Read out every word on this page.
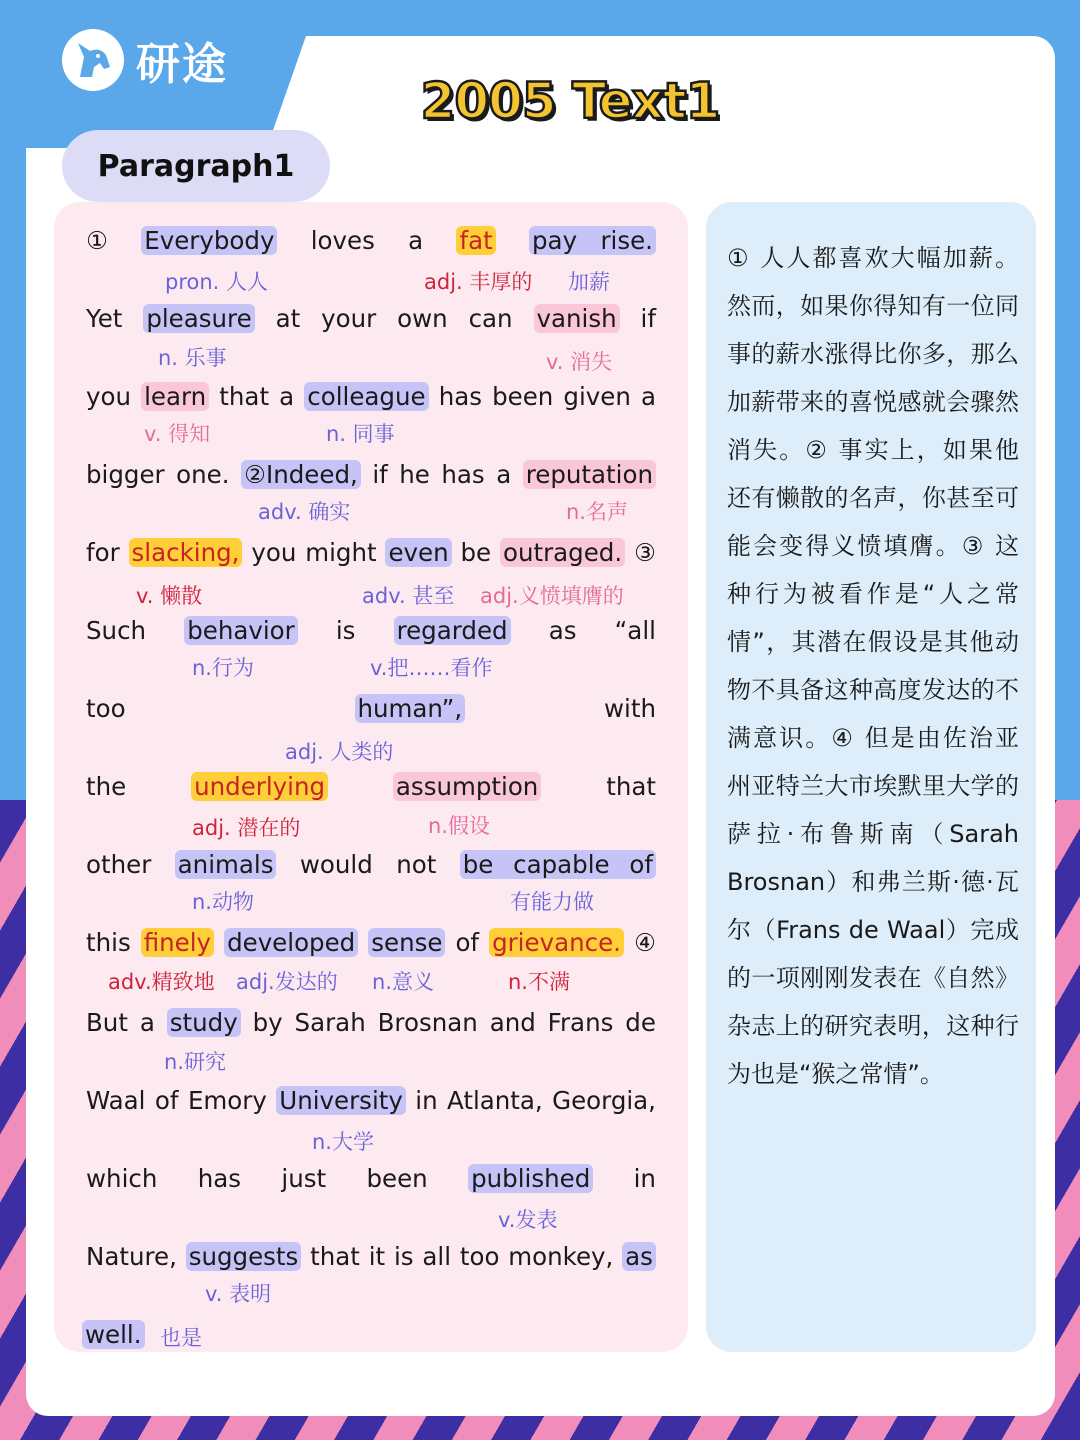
研途
2005 Text1
Paragraph1
① Everybody loves a fat pay rise.
pron. 人人	adj. 丰厚的 加薪
Yet pleasure at your own can vanish if
n. 乐事	v. 消失
you learn that a colleague has been given a
v. 得知	n. 同事
bigger one. ②Indeed, if he has a reputation
adv. 确实	n.名声
for slacking, you might even be outraged. ③
v. 懒散	adv. 甚至 adj.义愤填膺的
Such behavior is regarded as “all
n.行为	v.把……看作
too	human”,	with
adj. 人类的
the	underlying	assumption	that
adj. 潜在的	n.假设
other animals would not be capable of
n.动物	有能力做
this finely developed sense of grievance. ④
adv.精致地 adj.发达的 n.意义	n.不满
But a study by Sarah Brosnan and Frans de
n.研究
Waal of Emory University in Atlanta, Georgia,
n.大学
which has just been published in
v.发表
Nature, suggests that it is all too monkey, as
v. 表明
well. 也是
① 人人都喜欢大幅加薪。然而，如果你得知有一位同事的薪水涨得比你多，那么加薪带来的喜悦感就会骤然消失。② 事实上，如果他还有懒散的名声，你甚至可能会变得义愤填膺。③ 这种行为被看作是“人之常情”，其潜在假设是其他动物不具备这种高度发达的不满意识。④ 但是由佐治亚州亚特兰大市埃默里大学的萨拉·布鲁斯南（Sarah Brosnan）和弗兰斯·德·瓦尔（Frans de Waal）完成的一项刚刚发表在《自然》杂志上的研究表明，这种行为也是“猴之常情”。
